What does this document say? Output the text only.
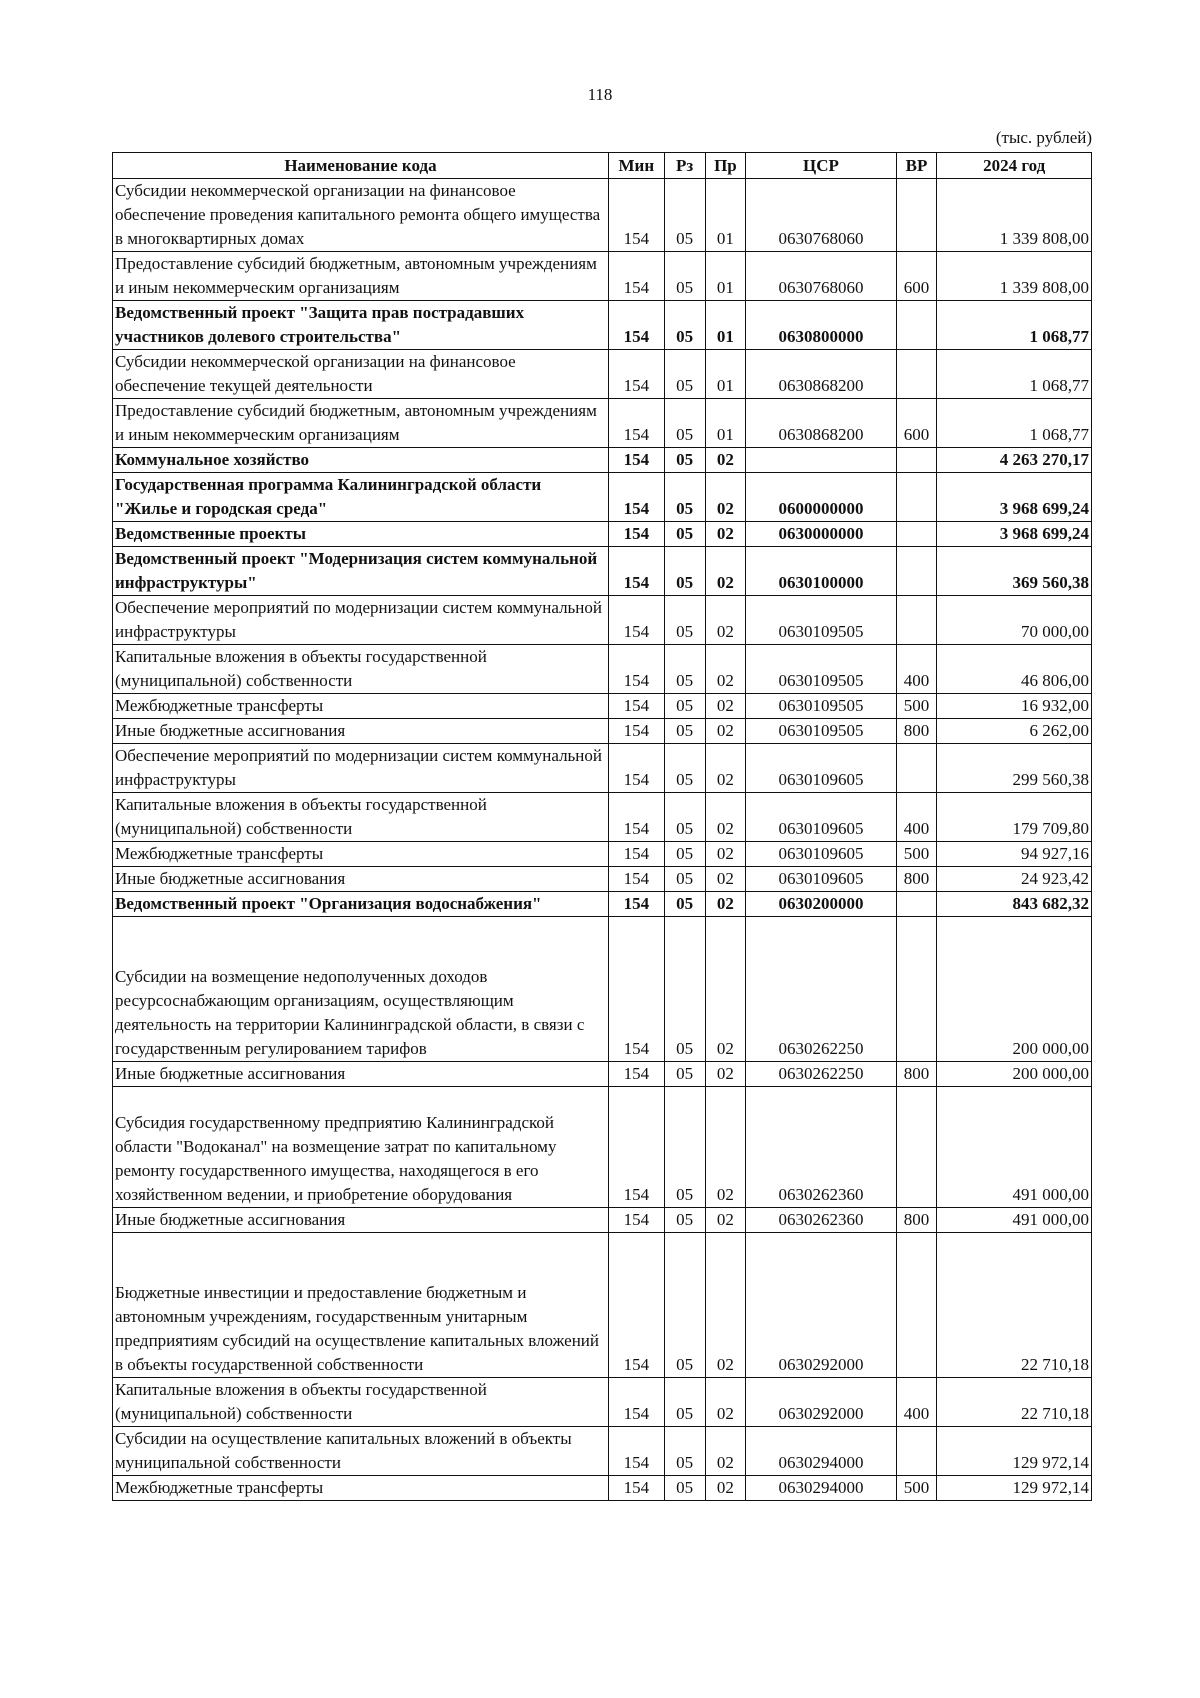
118
(тыс. рублей)
Наименование кода	Мин	Рз	Пр	ЦСР	ВР	2024 год
Субсидии некоммерческой организации на финансовое обеспечение проведения капитального ремонта общего имущества в многоквартирных домах	154	05	01	0630768060		1 339 808,00
Предоставление субсидий бюджетным, автономным учреждениям и иным некоммерческим организациям	154	05	01	0630768060	600	1 339 808,00
Ведомственный проект "Защита прав пострадавших участников долевого строительства"	154	05	01	0630800000		1 068,77
Субсидии некоммерческой организации на финансовое обеспечение текущей деятельности	154	05	01	0630868200		1 068,77
Предоставление субсидий бюджетным, автономным учреждениям и иным некоммерческим организациям	154	05	01	0630868200	600	1 068,77
Коммунальное хозяйство	154	05	02			4 263 270,17
Государственная программа Калининградской области "Жилье и городская среда"	154	05	02	0600000000		3 968 699,24
Ведомственные проекты	154	05	02	0630000000		3 968 699,24
Ведомственный проект "Модернизация систем коммунальной инфраструктуры"	154	05	02	0630100000		369 560,38
Обеспечение мероприятий по модернизации систем коммунальной инфраструктуры	154	05	02	0630109505		70 000,00
Капитальные вложения в объекты государственной (муниципальной) собственности	154	05	02	0630109505	400	46 806,00
Межбюджетные трансферты	154	05	02	0630109505	500	16 932,00
Иные бюджетные ассигнования	154	05	02	0630109505	800	6 262,00
Обеспечение мероприятий по модернизации систем коммунальной инфраструктуры	154	05	02	0630109605		299 560,38
Капитальные вложения в объекты государственной (муниципальной) собственности	154	05	02	0630109605	400	179 709,80
Межбюджетные трансферты	154	05	02	0630109605	500	94 927,16
Иные бюджетные ассигнования	154	05	02	0630109605	800	24 923,42
Ведомственный проект "Организация водоснабжения"	154	05	02	0630200000		843 682,32

Субсидии на возмещение недополученных доходов ресурсоснабжающим организациям, осуществляющим деятельность на территории Калининградской области, в связи с государственным регулированием тарифов	154	05	02	0630262250		200 000,00
Иные бюджетные ассигнования	154	05	02	0630262250	800	200 000,00

Субсидия государственному предприятию Калининградской области "Водоканал" на возмещение затрат по капитальному ремонту государственного имущества, находящегося в его хозяйственном ведении, и приобретение оборудования	154	05	02	0630262360		491 000,00
Иные бюджетные ассигнования	154	05	02	0630262360	800	491 000,00

Бюджетные инвестиции и предоставление бюджетным и автономным учреждениям, государственным унитарным предприятиям субсидий на осуществление капитальных вложений в объекты государственной собственности	154	05	02	0630292000		22 710,18
Капитальные вложения в объекты государственной (муниципальной) собственности	154	05	02	0630292000	400	22 710,18
Субсидии на осуществление капитальных вложений в объекты муниципальной собственности	154	05	02	0630294000		129 972,14
Межбюджетные трансферты	154	05	02	0630294000	500	129 972,14
